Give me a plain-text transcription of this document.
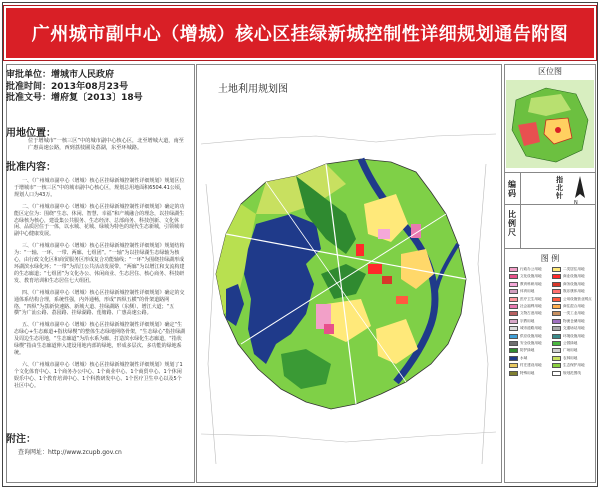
广州城市副中心（增城）核心区挂绿新城控制性详细规划通告附图
审批单位：增城市人民政府
批准时间：2013年08月23号
批准文号：增府复〔2013〕18号
用地位置：
位于增城市“一核三区”中的城市副中心核心区，北至增城大道，南至广惠高速公路，西到荔枝圃及荔湖，东至环城路。
批准内容：

一、《广州城市副中心（增城）核心区挂绿新城控制性详细规划》规划区位于增城市“一核三区”中的城市副中心核心区，规划总用地面积6504.41公顷，规划人口为43万。

二、《广州城市副中心（增城）核心区挂绿新城控制性详细规划》确定的功能区定位为：围绕“生态、休闲、智慧、幸福”和产城融合的理念，以挂绿湖生态绿核为核心，建设集公共服务、生态经济、总部商务、科技创新、文化休闲、品质居住于一体，以水城、花城、绿城为特色的现代生态新城，引领城市副中心健康发展。

三、《广州城市副中心（增城）核心区挂绿新城控制性详细规划》规划结构为：“一轴、一环、一带、两廊、七组团”。“一轴”为以挂绿湖生态绿轴为核心，由行政文化区和商贸服务区形成复合功能轴线；“一环”为围绕挂绿湖形成环湖滨水绿化环；“一带”为沿江公共活动发展带，“两廊”为以增江和支流构建的生态廊道；“七组团”为文化办公、休闲商业、生态居住、核心商务、科技研发、教育培训和生态居住七大组团。

四、《广州城市副中心（增城）核心区挂绿新城控制性详细规划》确定的交通体系结构合理，系统性强，内外通畅，形成“四纵五横”的骨架道路网络，“四纵”为荔新快速路、新城大道、挂绿湖路（东侧）、增江大道；“五横”为广汕公路、荔园路、挂绿湖路、莲塘路、广惠高速公路。

五、《广州城市副中心（增城）核心区挂绿新城控制性详细规划》确定“生态绿心+生态廊道+指状绿楔”的整体生态绿地网络骨架，“生态绿心”指挂绿湖及周边生态用地，“生态廊道”为沿水系为廊，打造滨水绿化生态廊道，“指状绿楔”指由生态廊道伸入建设用地内部的绿地，形成多层次、多功能的绿地系统。

六、《广州城市副中心（增城）核心区挂绿新城控制性详细规划》规划了1个文化体育中心、1个商务办公中心、1个商业中心、1个商贸中心、1个休闲娱乐中心、1个教育培训中心、1个科教研发中心、1个医疗卫生中心以及5个社区中心。

附注：
查询网址：http://www.zcupb.gov.cn
土地利用规划图
区位图
编码
比例尺
指北针
N
图 例
行政办公用地	二类居住用地
文化设施用地	商业设施用地
教育科研用地	商务设施用地
体育用地	娱乐康体用地
医疗卫生用地	公用设施营业网点
社会福利用地	商住混合用地
文物古迹用地	一类工业用地
宗教用地	物流仓储用地
城市道路用地	交通场站用地
供应设施用地	环境设施用地
安全设施用地	公园绿地
防护绿地	广场用地
水域	农林用地
村庄建设用地	生态保护用地
特殊用地	规划范围线
